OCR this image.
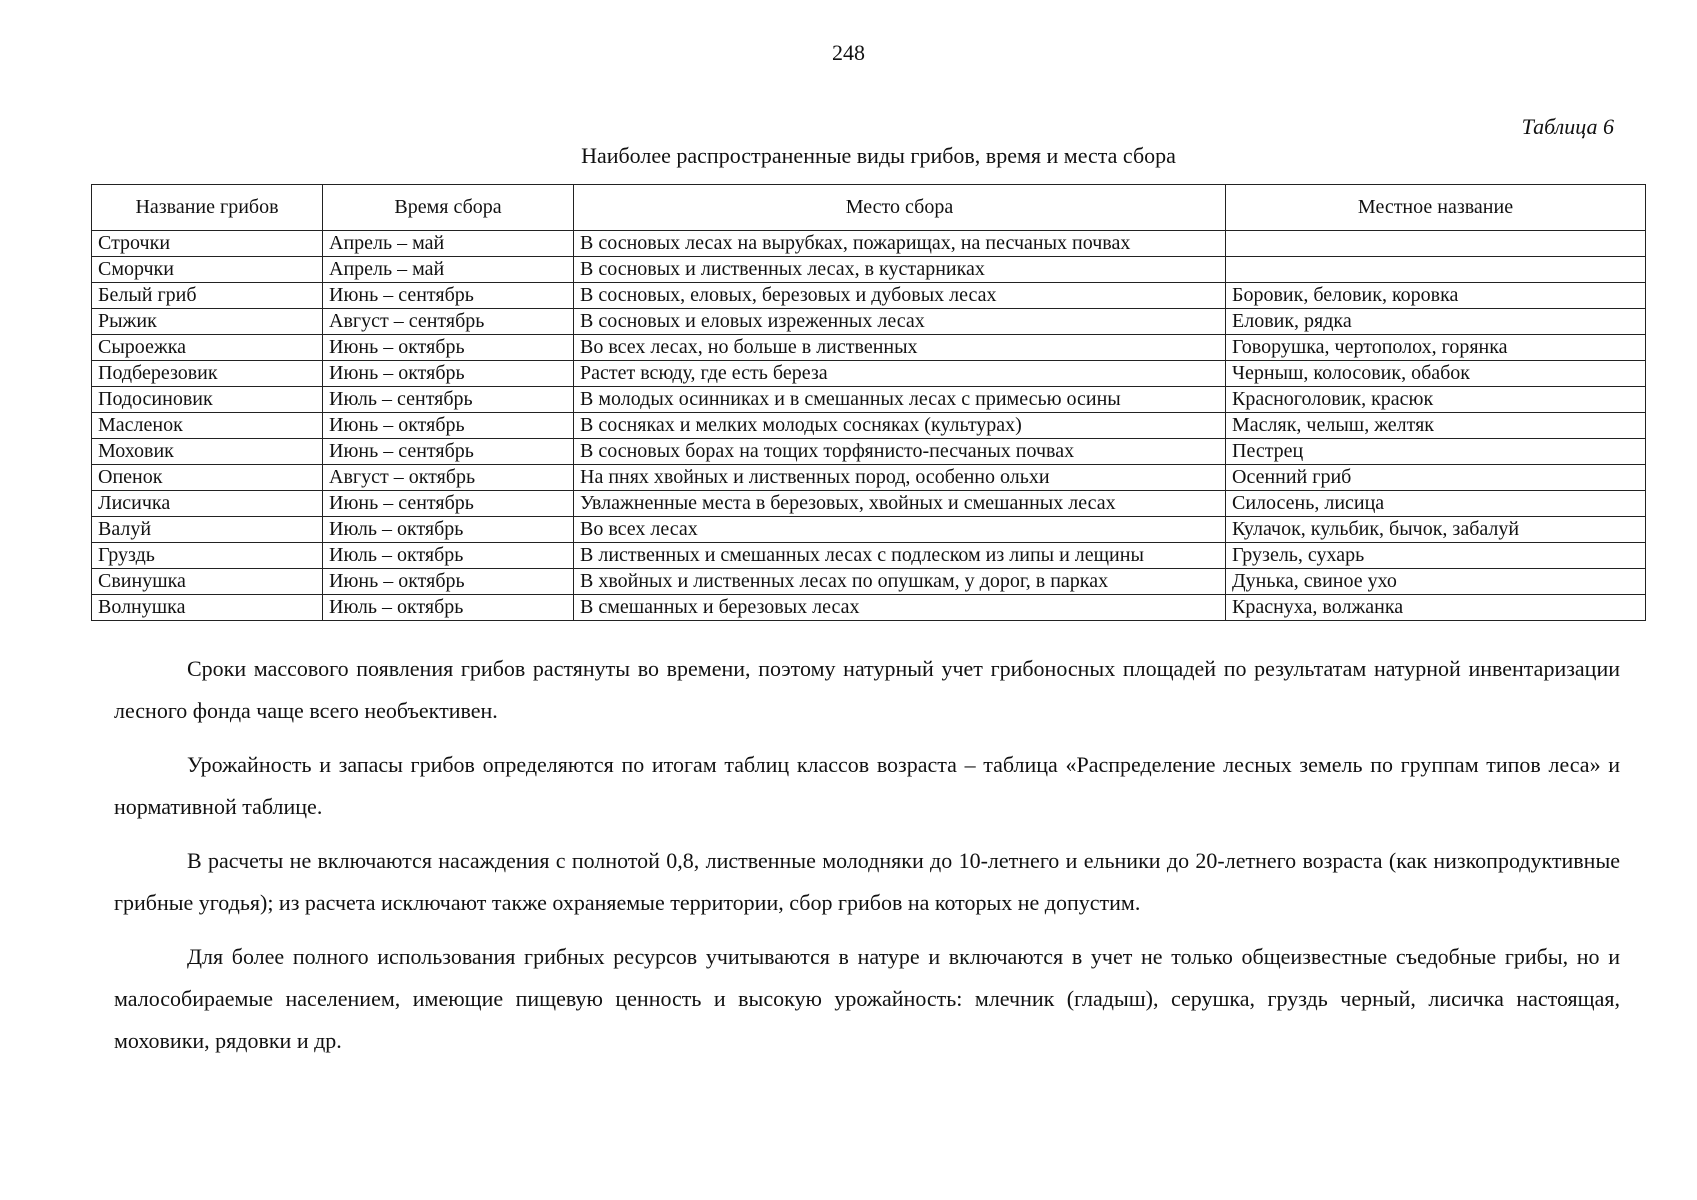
248
Таблица 6
Наиболее распространенные виды грибов, время и места сбора
Название грибов	Время сбора	Место сбора	Местное название
Строчки	Апрель – май	В сосновых лесах на вырубках, пожарищах, на песчаных почвах	
Сморчки	Апрель – май	В сосновых и лиственных лесах, в кустарниках	
Белый гриб	Июнь – сентябрь	В сосновых, еловых, березовых и дубовых лесах	Боровик, беловик, коровка
Рыжик	Август – сентябрь	В сосновых и еловых изреженных лесах	Еловик, рядка
Сыроежка	Июнь – октябрь	Во всех лесах, но больше в лиственных	Говорушка, чертополох, горянка
Подберезовик	Июнь – октябрь	Растет всюду, где есть береза	Черныш, колосовик, обабок
Подосиновик	Июль – сентябрь	В молодых осинниках и в смешанных лесах с примесью осины	Красноголовик, красюк
Масленок	Июнь – октябрь	В сосняках и мелких молодых сосняках (культурах)	Масляк, челыш, желтяк
Моховик	Июнь – сентябрь	В сосновых борах на тощих торфянисто-песчаных почвах	Пестрец
Опенок	Август – октябрь	На пнях хвойных и лиственных пород, особенно ольхи	Осенний гриб
Лисичка	Июнь – сентябрь	Увлажненные места в березовых, хвойных и смешанных лесах	Силосень, лисица
Валуй	Июль – октябрь	Во всех лесах	Кулачок, кульбик, бычок, забалуй
Груздь	Июль – октябрь	В лиственных и смешанных лесах с подлеском из липы и лещины	Грузель, сухарь
Свинушка	Июнь – октябрь	В хвойных и лиственных лесах по опушкам, у дорог, в парках	Дунька, свиное ухо
Волнушка	Июль – октябрь	В смешанных и березовых лесах	Краснуха, волжанка

Сроки массового появления грибов растянуты во времени, поэтому натурный учет грибоносных площадей по результатам натурной инвентаризации лесного фонда чаще всего необъективен.

Урожайность и запасы грибов определяются по итогам таблиц классов возраста – таблица «Распределение лесных земель по группам типов леса» и нормативной таблице.

В расчеты не включаются насаждения с полнотой 0,8, лиственные молодняки до 10-летнего и ельники до 20-летнего возраста (как низкопродуктивные грибные угодья); из расчета исключают также охраняемые территории, сбор грибов на которых не допустим.

Для более полного использования грибных ресурсов учитываются в натуре и включаются в учет не только общеизвестные съедобные грибы, но и малособираемые населением, имеющие пищевую ценность и высокую урожайность: млечник (гладыш), серушка, груздь черный, лисичка настоящая, моховики, рядовки и др.
